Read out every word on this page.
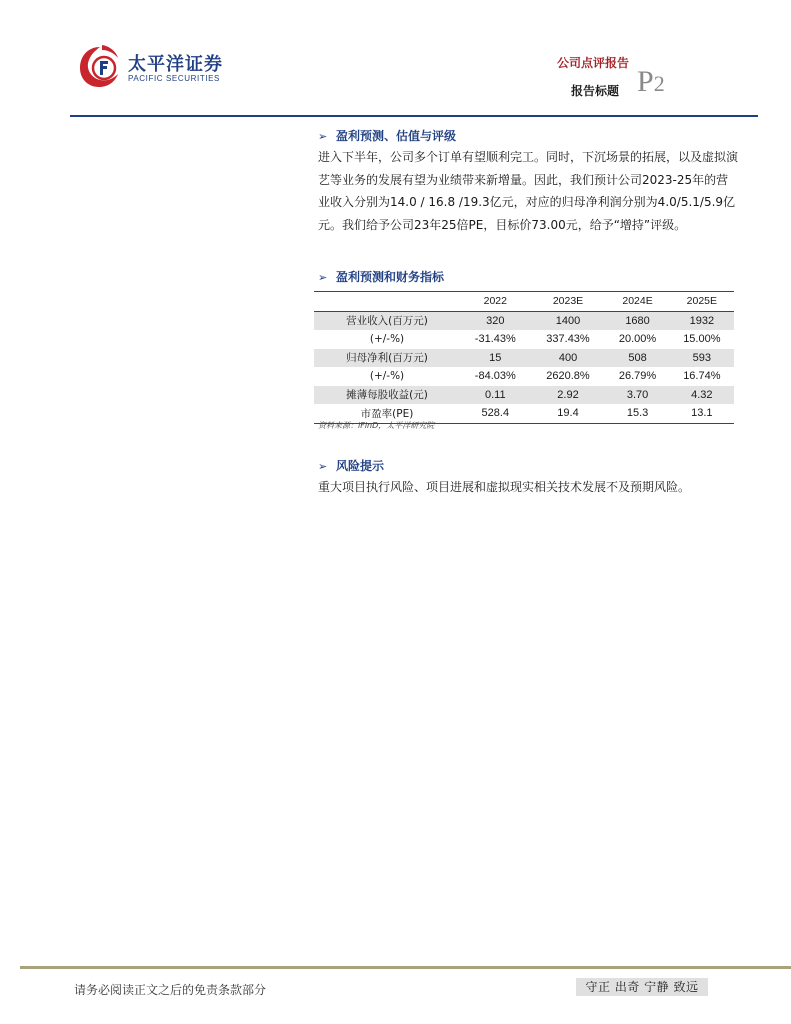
太平洋证券
PACIFIC SECURITIES
公司点评报告
报告标题 P2
➢ 盈利预测、估值与评级
进入下半年，公司多个订单有望顺利完工。同时，下沉场景的拓展，以及虚拟演艺等业务的发展有望为业绩带来新增量。因此，我们预计公司2023-25年的营业收入分别为14.0 / 16.8 /19.3亿元，对应的归母净利润分别为4.0/5.1/5.9亿元。我们给予公司23年25倍PE，目标价73.00元，给予“增持”评级。
➢ 盈利预测和财务指标
	2022	2023E	2024E	2025E
营业收入(百万元)	320	1400	1680	1932
(+/-%)	-31.43%	337.43%	20.00%	15.00%
归母净利(百万元)	15	400	508	593
(+/-%)	-84.03%	2620.8%	26.79%	16.74%
摊薄每股收益(元)	0.11	2.92	3.70	4.32
市盈率(PE)	528.4	19.4	15.3	13.1
资料来源：iFinD，太平洋研究院
➢ 风险提示
重大项目执行风险、项目进展和虚拟现实相关技术发展不及预期风险。
请务必阅读正文之后的免责条款部分	守正 出奇 宁静 致远
